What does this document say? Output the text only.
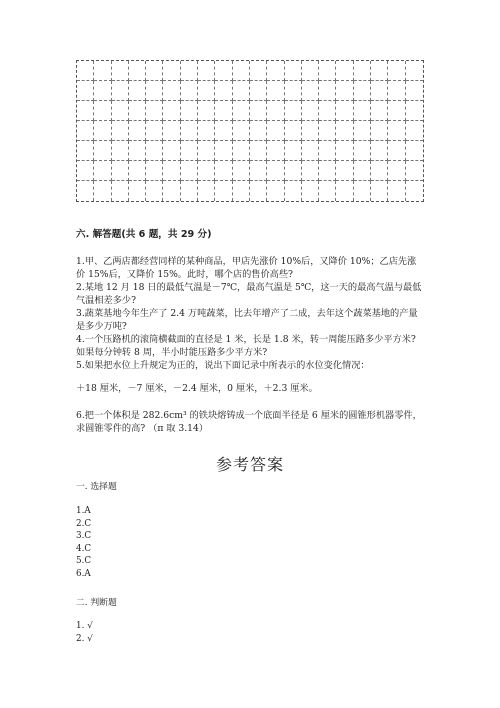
六. 解答题(共 6 题，共 29 分)
1.甲、乙两店都经营同样的某种商品，甲店先涨价 10%后，又降价 10%；乙店先涨价 15%后，又降价 15%。此时，哪个店的售价高些?
2.某地 12 月 18 日的最低气温是－7℃，最高气温是 5℃，这一天的最高气温与最低气温相差多少?
3.蔬菜基地今年生产了 2.4 万吨蔬菜，比去年增产了二成，去年这个蔬菜基地的产量是多少万吨?
4.一个压路机的滚筒横截面的直径是 1 米，长是 1.8 米，转一周能压路多少平方米?如果每分钟转 8 周，半小时能压路多少平方米?
5.如果把水位上升规定为正的，说出下面记录中所表示的水位变化情况：
＋18 厘米，－7 厘米，－2.4 厘米，0 厘米，＋2.3 厘米。
6.把一个体积是 282.6cm³ 的铁块熔铸成一个底面半径是 6 厘米的圆锥形机器零件，求圆锥零件的高? （π 取 3.14）
参考答案
一. 选择题
1.A
2.C
3.C
4.C
5.C
6.A
二. 判断题
1. √
2. √
